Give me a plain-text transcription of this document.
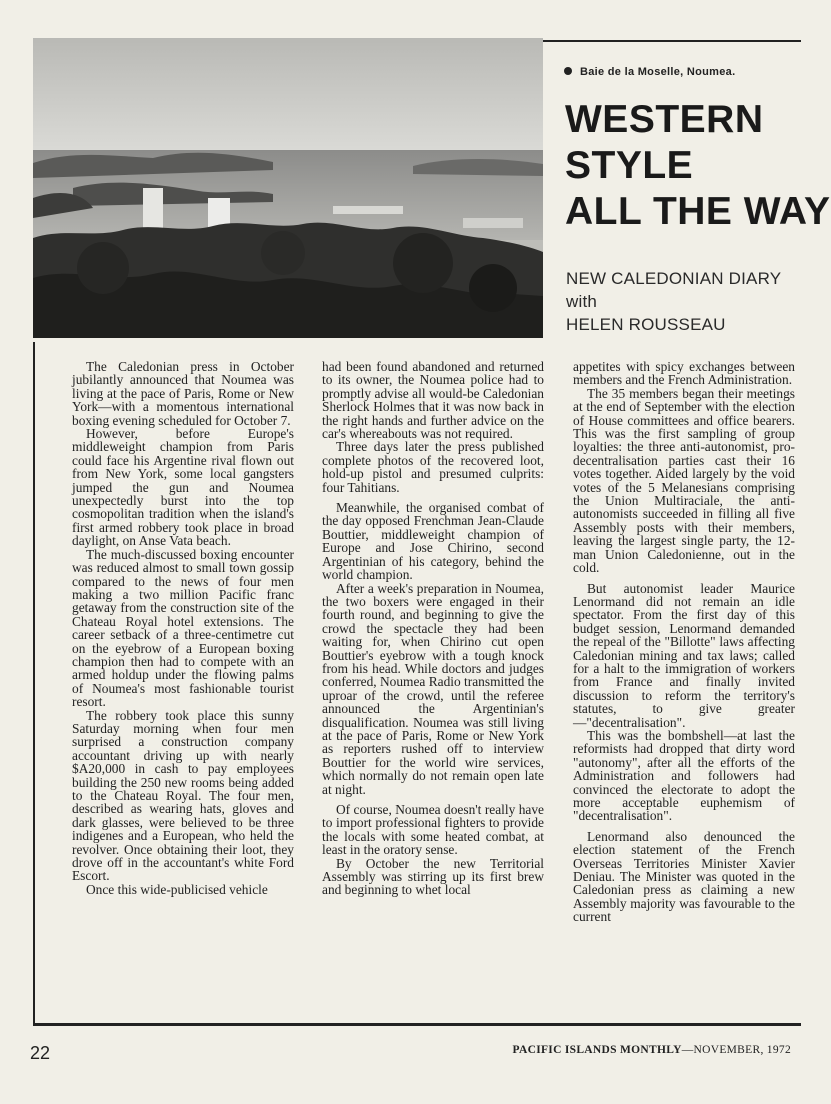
Baie de la Moselle, Noumea.
WESTERN
STYLE
ALL THE WAY
NEW CALEDONIAN DIARY
with
HELEN ROUSSEAU

The Caledonian press in October jubilantly announced that Noumea was living at the pace of Paris, Rome or New York—with a momentous international boxing evening scheduled for October 7.

However, before Europe's middleweight champion from Paris could face his Argentine rival flown out from New York, some local gangsters jumped the gun and Noumea unexpectedly burst into the top cosmopolitan tradition when the island's first armed robbery took place in broad daylight, on Anse Vata beach.

The much-discussed boxing encounter was reduced almost to small town gossip compared to the news of four men making a two million Pacific franc getaway from the construction site of the Chateau Royal hotel extensions. The career setback of a three-centimetre cut on the eyebrow of a European boxing champion then had to compete with an armed holdup under the flowing palms of Noumea's most fashionable tourist resort.

The robbery took place this sunny Saturday morning when four men surprised a construction company accountant driving up with nearly $A20,000 in cash to pay employees building the 250 new rooms being added to the Chateau Royal. The four men, described as wearing hats, gloves and dark glasses, were believed to be three indigenes and a European, who held the revolver. Once obtaining their loot, they drove off in the accountant's white Ford Escort.

Once this wide-publicised vehicle

had been found abandoned and returned to its owner, the Noumea police had to promptly advise all would-be Caledonian Sherlock Holmes that it was now back in the right hands and further advice on the car's whereabouts was not required.

Three days later the press published complete photos of the recovered loot, hold-up pistol and presumed culprits: four Tahitians.

Meanwhile, the organised combat of the day opposed Frenchman Jean-Claude Bouttier, middleweight champion of Europe and Jose Chirino, second Argentinian of his category, behind the world champion.

After a week's preparation in Noumea, the two boxers were engaged in their fourth round, and beginning to give the crowd the spectacle they had been waiting for, when Chirino cut open Bouttier's eyebrow with a tough knock from his head. While doctors and judges conferred, Noumea Radio transmitted the uproar of the crowd, until the referee announced the Argentinian's disqualification. Noumea was still living at the pace of Paris, Rome or New York as reporters rushed off to interview Bouttier for the world wire services, which normally do not remain open late at night.

Of course, Noumea doesn't really have to import professional fighters to provide the locals with some heated combat, at least in the oratory sense.

By October the new Territorial Assembly was stirring up its first brew and beginning to whet local

appetites with spicy exchanges between members and the French Administration.

The 35 members began their meetings at the end of September with the election of House committees and office bearers. This was the first sampling of group loyalties: the three anti-autonomist, pro-decentralisation parties cast their 16 votes together. Aided largely by the void votes of the 5 Melanesians comprising the Union Multiraciale, the anti-autonomists succeeded in filling all five Assembly posts with their members, leaving the largest single party, the 12-man Union Caledonienne, out in the cold.

But autonomist leader Maurice Lenormand did not remain an idle spectator. From the first day of this budget session, Lenormand demanded the repeal of the "Billotte" laws affecting Caledonian mining and tax laws; called for a halt to the immigration of workers from France and finally invited discussion to reform the territory's statutes, to give greater—"decentralisation".

This was the bombshell—at last the reformists had dropped that dirty word "autonomy", after all the efforts of the Administration and followers had convinced the electorate to adopt the more acceptable euphemism of "decentralisation".

Lenormand also denounced the election statement of the French Overseas Territories Minister Xavier Deniau. The Minister was quoted in the Caledonian press as claiming a new Assembly majority was favourable to the current

22	PACIFIC ISLANDS MONTHLY—NOVEMBER, 1972
